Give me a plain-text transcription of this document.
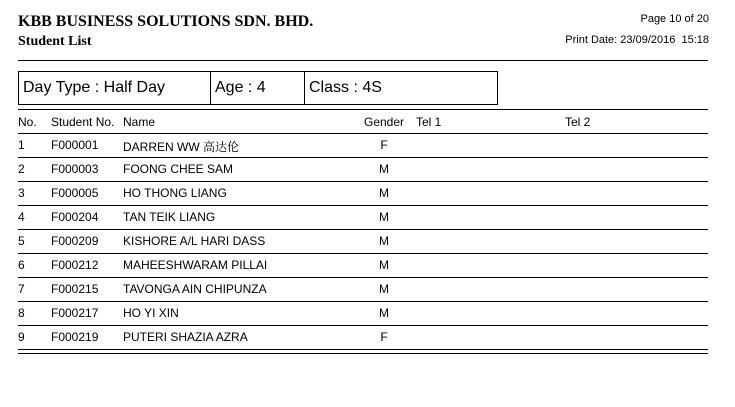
KBB BUSINESS SOLUTIONS SDN. BHD.
Student List
Page 10 of 20
Print Date: 23/09/2016 15:18
Day Type : Half Day	Age : 4	Class : 4S
No. Student No. Name	Gender Tel 1	Tel 2
1 F000001 DARREN WW 高达伦	F
2 F000003 FOONG CHEE SAM	M
3 F000005 HO THONG LIANG	M
4 F000204 TAN TEIK LIANG	M
5 F000209 KISHORE A/L HARI DASS	M
6 F000212 MAHEESHWARAM PILLAI	M
7 F000215 TAVONGA AIN CHIPUNZA	M
8 F000217 HO YI XIN	M
9 F000219 PUTERI SHAZIA AZRA	F
